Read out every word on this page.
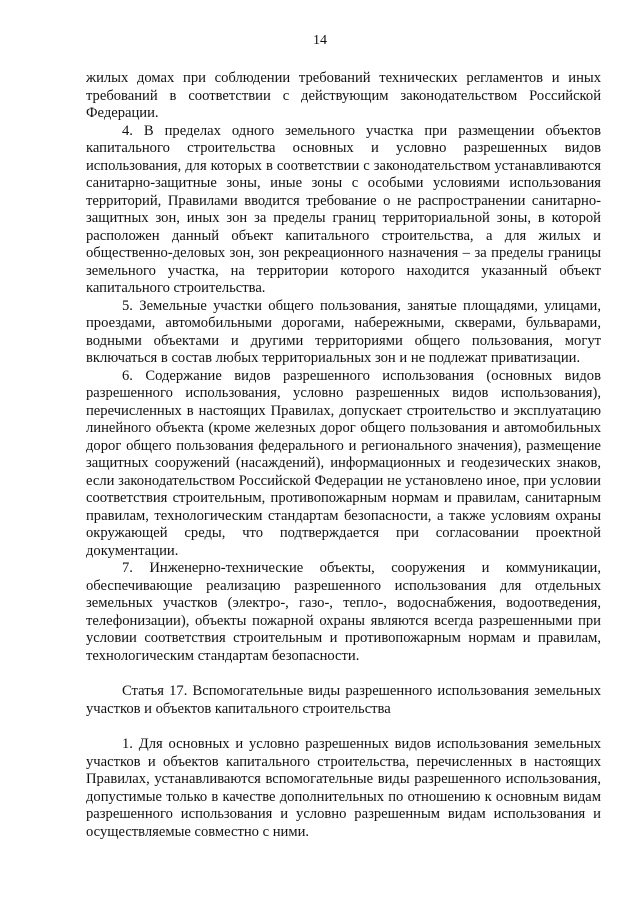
14

жилых домах при соблюдении требований технических регламентов и иных требований в соответствии с действующим законодательством Российской Федерации.

4. В пределах одного земельного участка при размещении объектов капитального строительства основных и условно разрешенных видов использования, для которых в соответствии с законодательством устанавливаются санитарно-защитные зоны, иные зоны с особыми условиями использования территорий, Правилами вводится требование о не распространении санитарно-защитных зон, иных зон за пределы границ территориальной зоны, в которой расположен данный объект капитального строительства, а для жилых и общественно-деловых зон, зон рекреационного назначения – за пределы границы земельного участка, на территории которого находится указанный объект капитального строительства.

5. Земельные участки общего пользования, занятые площадями, улицами, проездами, автомобильными дорогами, набережными, скверами, бульварами, водными объектами и другими территориями общего пользования, могут включаться в состав любых территориальных зон и не подлежат приватизации.

6. Содержание видов разрешенного использования (основных видов разрешенного использования, условно разрешенных видов использования), перечисленных в настоящих Правилах, допускает строительство и эксплуатацию линейного объекта (кроме железных дорог общего пользования и автомобильных дорог общего пользования федерального и регионального значения), размещение защитных сооружений (насаждений), информационных и геодезических знаков, если законодательством Российской Федерации не установлено иное, при условии соответствия строительным, противопожарным нормам и правилам, санитарным правилам, технологическим стандартам безопасности, а также условиям охраны окружающей среды, что подтверждается при согласовании проектной документации.

7. Инженерно-технические объекты, сооружения и коммуникации, обеспечивающие реализацию разрешенного использования для отдельных земельных участков (электро-, газо-, тепло-, водоснабжения, водоотведения, телефонизации), объекты пожарной охраны являются всегда разрешенными при условии соответствия строительным и противопожарным нормам и правилам, технологическим стандартам безопасности.

Статья 17. Вспомогательные виды разрешенного использования земельных участков и объектов капитального строительства

1. Для основных и условно разрешенных видов использования земельных участков и объектов капитального строительства, перечисленных в настоящих Правилах, устанавливаются вспомогательные виды разрешенного использования, допустимые только в качестве дополнительных по отношению к основным видам разрешенного использования и условно разрешенным видам использования и осуществляемые совместно с ними.
